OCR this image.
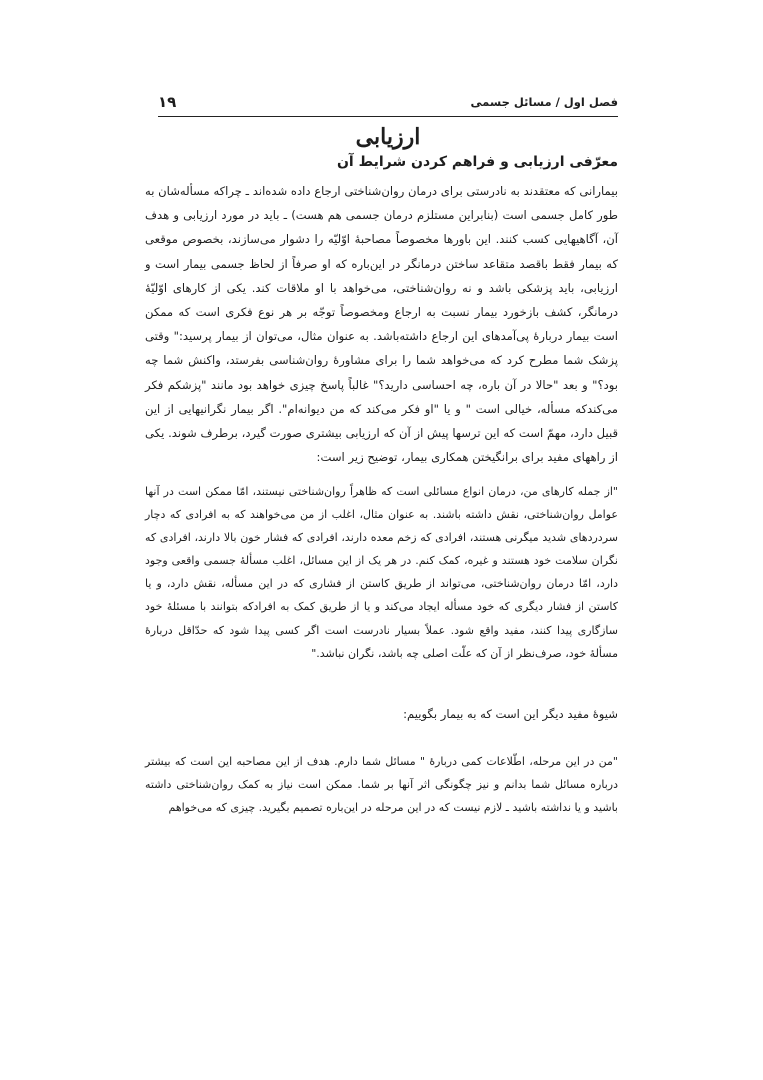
فصل اول / مسائل جسمی
۱۹
ارزیابی
معرّفی ارزیابی و فراهم کردن شرایط آن

بیمارانی که معتقدند به نادرستی برای درمان روان‌شناختی ارجاع داده شده‌اند ـ چراکه مسأله‌شان به طور کامل جسمی است (بنابراین مستلزم درمان جسمی هم هست) ـ باید در مورد ارزیابی و هدف آن، آگاهیهایی کسب کنند. این باورها مخصوصاً مصاحبهٔ اوّلیّه را دشوار می‌سازند، بخصوص موقعی که بیمار فقط باقصد متقاعد ساختن درمانگر در این‌باره که او صرفاً از لحاظ جسمی بیمار است و ارزیابی، باید پزشکی باشد و نه روان‌شناختی، می‌خواهد با او ملاقات کند. یکی از کارهای اوّلیّهٔ درمانگر، کشف بازخورد بیمار نسبت به ارجاع ومخصوصاً توجّه بر هر نوع فکری است که ممکن است بیمار دربارهٔ پی‌آمدهای این ارجاع داشته‌باشد. به عنوان مثال، می‌توان از بیمار پرسید:" وقتی پزشک شما مطرح کرد که می‌خواهد شما را برای مشاورهٔ روان‌شناسی بفرستد، واکنش شما چه بود؟" و بعد "حالا در آن باره، چه احساسی دارید؟" غالباً پاسخ چیزی خواهد بود مانند "پزشکم فکر می‌کندکه مسأله، خیالی است " و یا "او فکر می‌کند که من دیوانه‌ام". اگر بیمار نگرانیهایی از این قبیل دارد، مهمّ است که این ترسها پیش از آن که ارزیابی بیشتری صورت گیرد، برطرف شوند. یکی از راههای مفید برای برانگیختن همکاری بیمار، توضیح زیر است:

"از جمله کارهای من، درمان انواع مسائلی است که ظاهراً روان‌شناختی نیستند، امّا ممکن است در آنها عوامل روان‌شناختی، نقش داشته باشند. به عنوان مثال، اغلب از من می‌خواهند که به افرادی که دچار سردردهای شدید میگرنی هستند، افرادی که زخم معده دارند، افرادی که فشار خون بالا دارند، افرادی که نگران سلامت خود هستند و غیره، کمک کنم. در هر یک از این مسائل، اغلب مسألهٔ جسمی واقعی وجود دارد، امّا درمان روان‌شناختی، می‌تواند از طریق کاستن از فشاری که در این مسأله، نقش دارد، و یا کاستن از فشار دیگری که خود مسأله ایجاد می‌کند و یا از طریق کمک به افرادکه بتوانند با مسئلهٔ خود سازگاری پیدا کنند، مفید واقع شود. عملاً بسیار نادرست است اگر کسی پیدا شود که حدّاقل دربارهٔ مسألهٔ خود، صرف‌نظر از آن که علّت اصلی چه باشد، نگران نباشد."

شیوهٔ مفید دیگر این است که به بیمار بگوییم:

"من در این مرحله، اطّلاعات کمی دربارهٔ " مسائل شما دارم. هدف از این مصاحبه این است که بیشتر درباره مسائل شما بدانم و نیز چگونگی اثر آنها بر شما. ممکن است نیاز به کمک روان‌شناختی داشته باشید و یا نداشته باشید ـ لازم نیست که در این مرحله در این‌باره تصمیم بگیرید. چیزی که می‌خواهم
